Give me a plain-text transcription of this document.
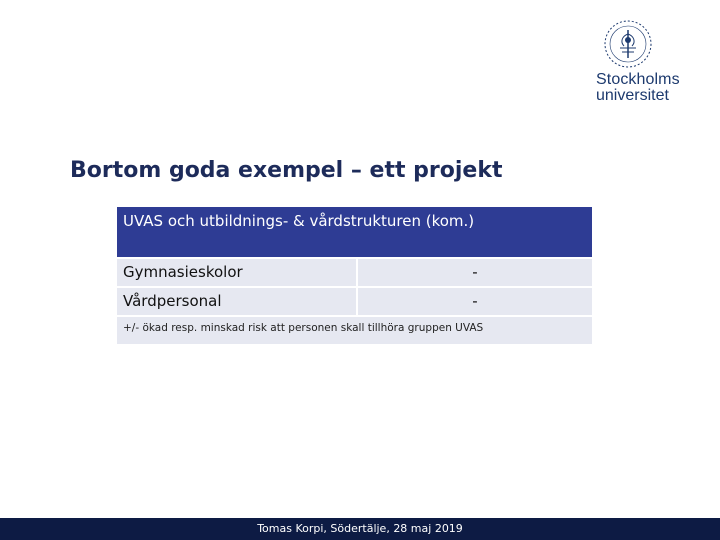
Stockholms
universitet
Bortom goda exempel – ett projekt
UVAS och utbildnings- & vårdstrukturen (kom.)
Gymnasieskolor	-
Vårdpersonal	-
+/- ökad resp. minskad risk att personen skall tillhöra gruppen UVAS
Tomas Korpi, Södertälje, 28 maj 2019
